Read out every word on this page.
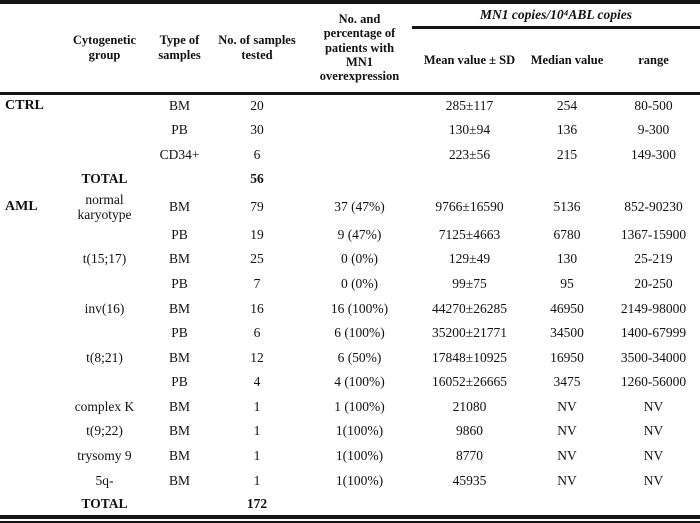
	Cytogenetic group	Type of samples	No. of samples tested	No. and percentage of patients with MN1 overexpression	MN1 copies/10⁴ABL copies		
					Mean value ± SD	Median value	range
CTRL		BM	20		285±117	254	80-500
		PB	30		130±94	136	9-300
		CD34+	6		223±56	215	149-300
	TOTAL		56				
AML	normal karyotype	BM	79	37 (47%)	9766±16590	5136	852-90230
		PB	19	9 (47%)	7125±4663	6780	1367-15900
	t(15;17)	BM	25	0 (0%)	129±49	130	25-219
		PB	7	0 (0%)	99±75	95	20-250
	inv(16)	BM	16	16 (100%)	44270±26285	46950	2149-98000
		PB	6	6 (100%)	35200±21771	34500	1400-67999
	t(8;21)	BM	12	6 (50%)	17848±10925	16950	3500-34000
		PB	4	4 (100%)	16052±26665	3475	1260-56000
	complex K	BM	1	1 (100%)	21080	NV	NV
	t(9;22)	BM	1	1(100%)	9860	NV	NV
	trysomy 9	BM	1	1(100%)	8770	NV	NV
	5q-	BM	1	1(100%)	45935	NV	NV
	TOTAL		172				
